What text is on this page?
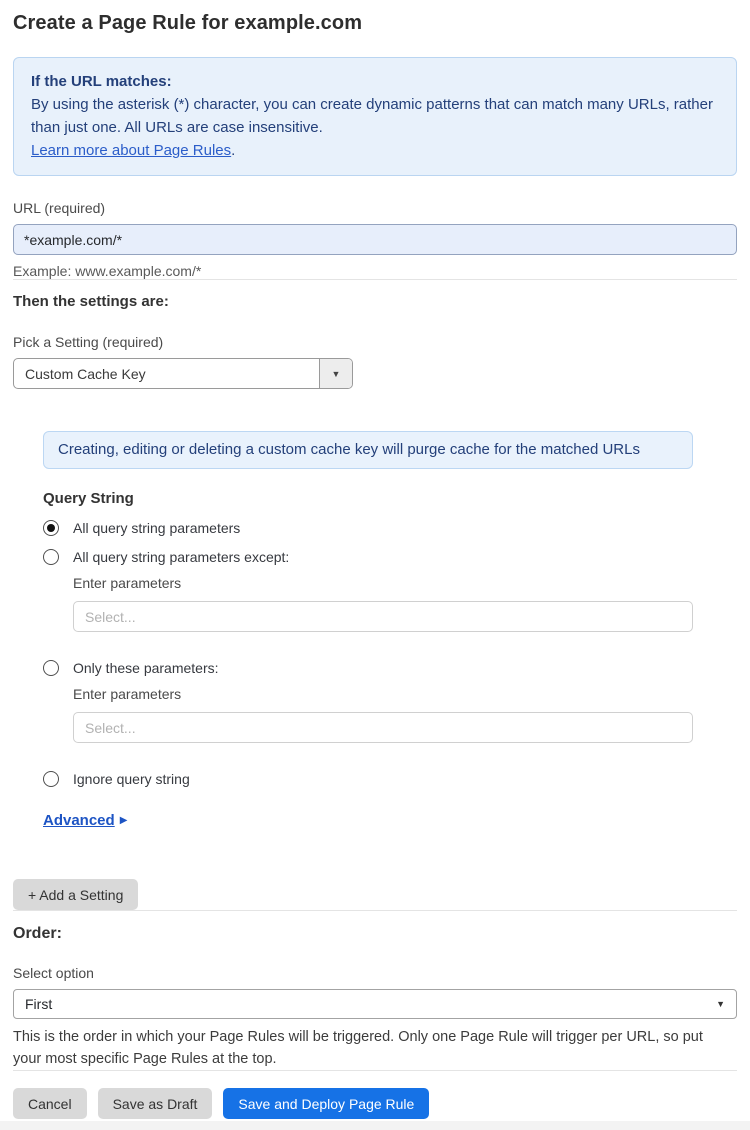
Create a Page Rule for example.com
If the URL matches:
By using the asterisk (*) character, you can create dynamic patterns that can match many URLs, rather than just one. All URLs are case insensitive.
Learn more about Page Rules.
URL (required)
*example.com/*
Example: www.example.com/*
Then the settings are:
Pick a Setting (required)
Custom Cache Key	▼
Creating, editing or deleting a custom cache key will purge cache for the matched URLs
Query String
All query string parameters
All query string parameters except:
Enter parameters
Select...
Only these parameters:
Enter parameters
Select...
Ignore query string
Advanced ▶
+ Add a Setting
Order:
Select option
First	▼

This is the order in which your Page Rules will be triggered. Only one Page Rule will trigger per URL, so put your most specific Page Rules at the top.

Cancel	Save as Draft	Save and Deploy Page Rule
